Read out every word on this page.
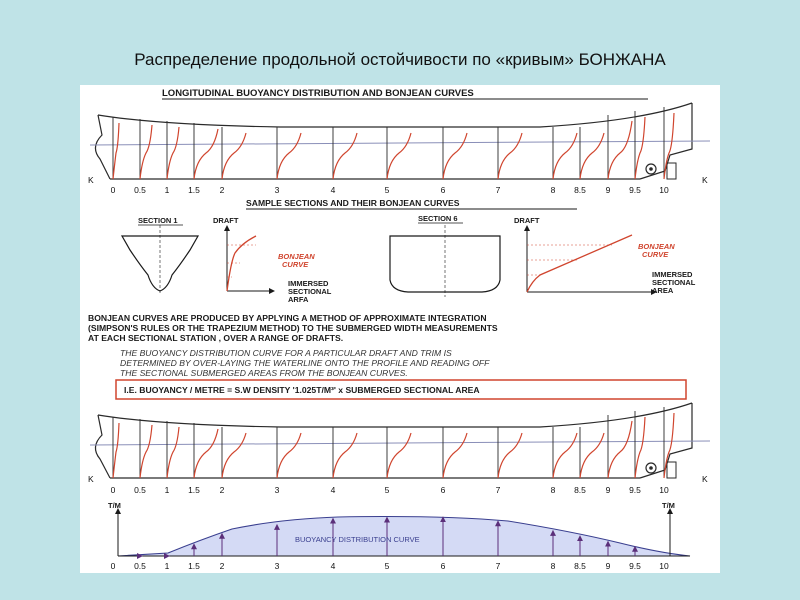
Распределение продольной остойчивости по «кривым» БОНЖАНА
LONGITUDINAL BUOYANCY DISTRIBUTION AND BONJEAN CURVES
K	K
0 0.5 1 1.5 2	3	4	5	6	7	8 8.5 9 9.5 10
SAMPLE SECTIONS AND THEIR BONJEAN CURVES
SECTION 1	DRAFT
BONJEAN
CURVE
IMMERSED
SECTIONAL
ARFA
SECTION 6	DRAFT
BONJEAN
CURVE
IMMERSED
SECTIONAL
AREA
BONJEAN CURVES ARE PRODUCED BY APPLYING A METHOD OF APPROXIMATE INTEGRATION
(SIMPSON'S RULES OR THE TRAPEZIUM METHOD) TO THE SUBMERGED WIDTH MEASUREMENTS
AT EACH SECTIONAL STATION , OVER A RANGE OF DRAFTS.
THE BUOYANCY DISTRIBUTION CURVE FOR A PARTICULAR DRAFT AND TRIM IS
DETERMINED BY OVER-LAYING THE WATERLINE ONTO THE PROFILE AND READING OFF
THE SECTIONAL SUBMERGED AREAS FROM THE BONJEAN CURVES.
I.E. BUOYANCY / METRE = S.W DENSITY '1.025T/M³' x SUBMERGED SECTIONAL AREA
K	K
0 0.5 1 1.5 2	3	4	5	6	7	8 8.5 9 9.5 10
T/M	T/M
BUOYANCY DISTRIBUTION CURVE
0 0.5 1 1.5 2	3	4	5	6	7	8 8.5 9 9.5 10
